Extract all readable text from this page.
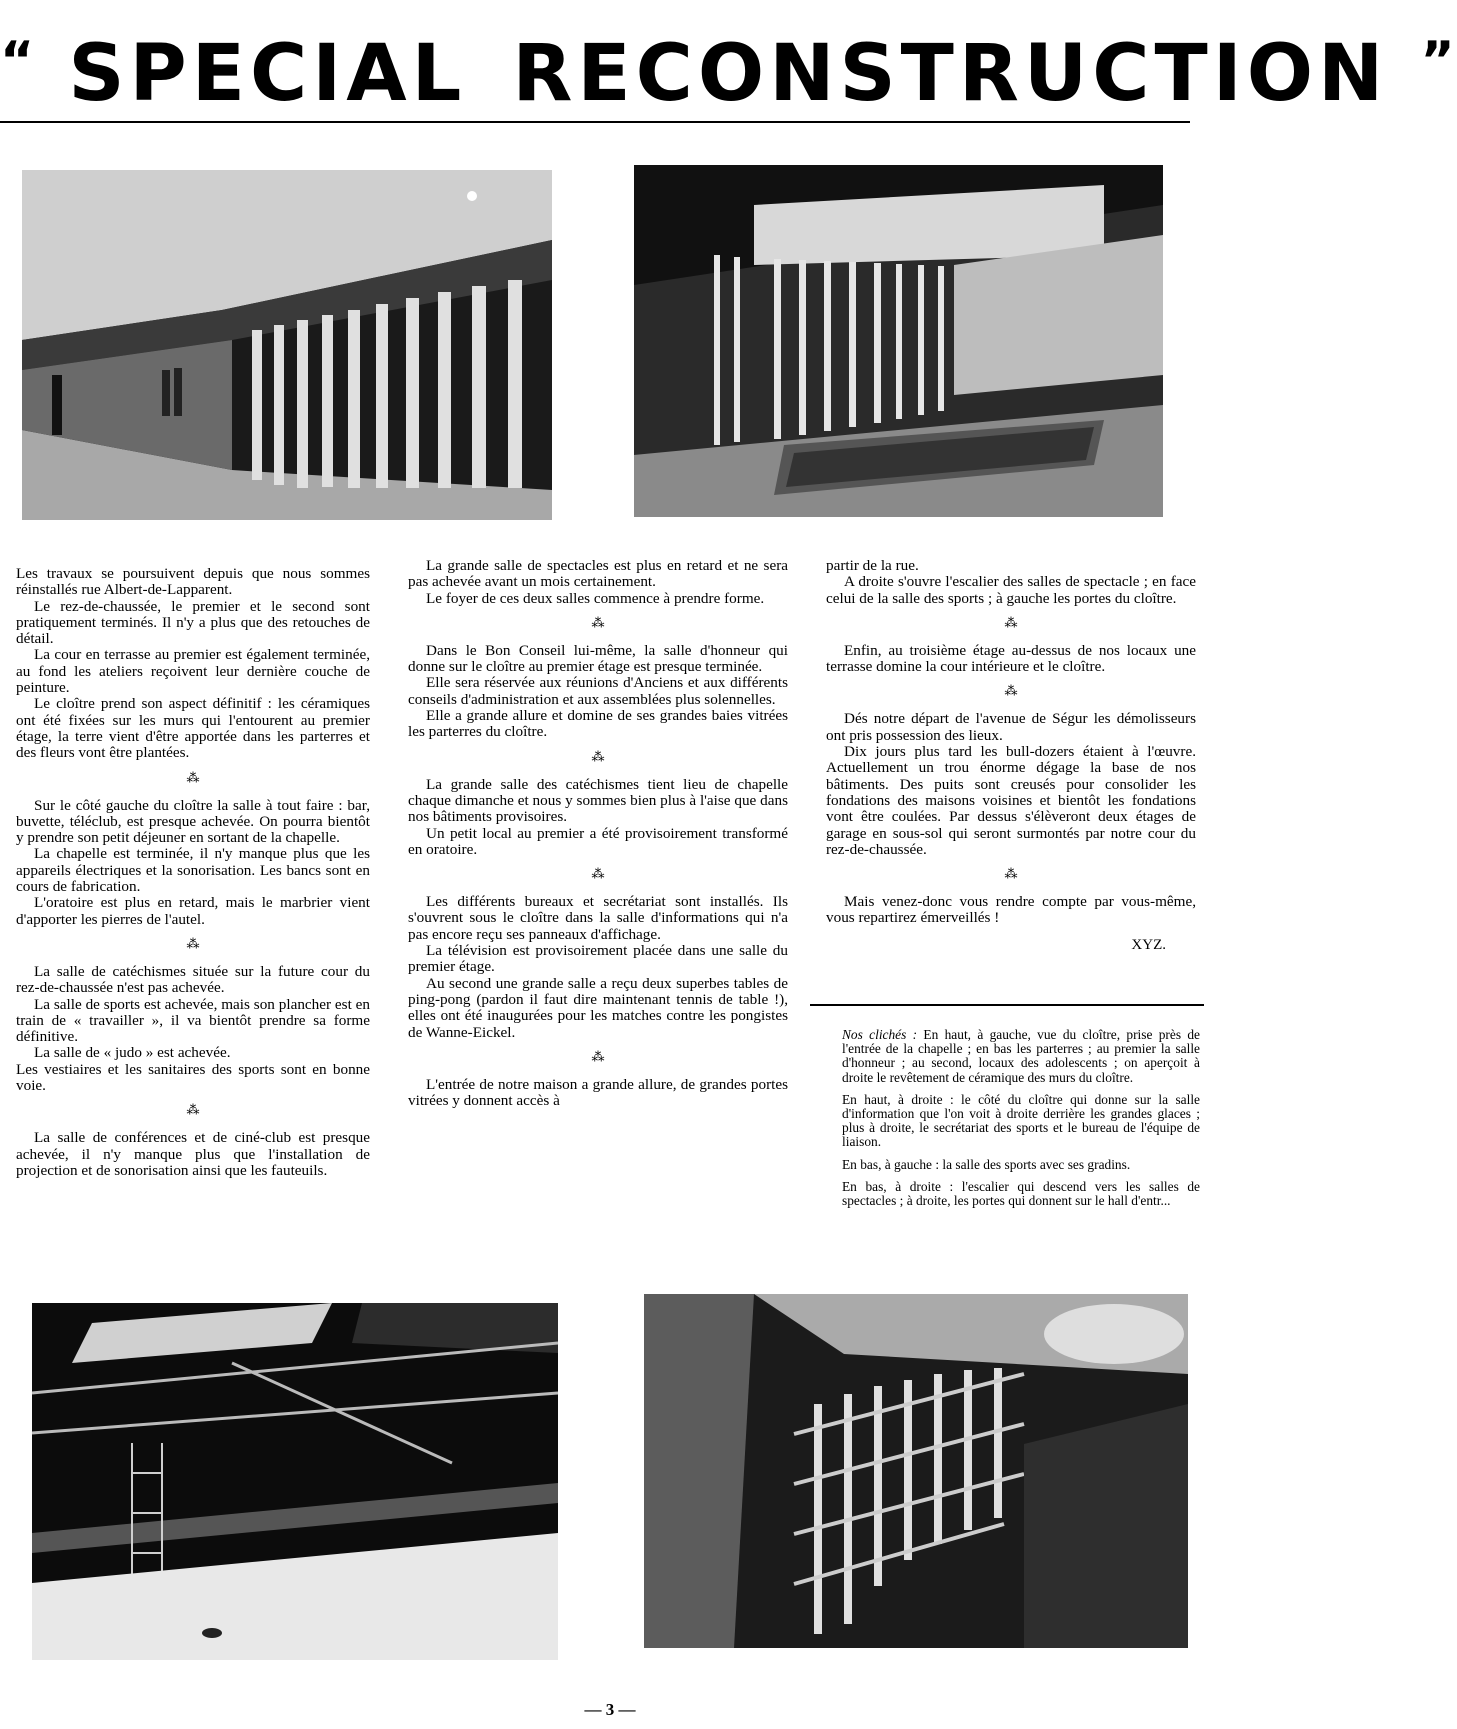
“ SPECIAL RECONSTRUCTION ”

Les travaux se poursuivent depuis que nous sommes réinstallés rue Albert-de-Lapparent.

Le rez-de-chaussée, le premier et le second sont pratiquement terminés. Il n'y a plus que des retouches de détail.

La cour en terrasse au premier est également terminée, au fond les ateliers reçoivent leur dernière couche de peinture.

Le cloître prend son aspect définitif : les céramiques ont été fixées sur les murs qui l'entourent au premier étage, la terre vient d'être apportée dans les parterres et des fleurs vont être plantées.

⁂

Sur le côté gauche du cloître la salle à tout faire : bar, buvette, téléclub, est presque achevée. On pourra bientôt y prendre son petit déjeuner en sortant de la chapelle.

La chapelle est terminée, il n'y manque plus que les appareils électriques et la sonorisation. Les bancs sont en cours de fabrication.

L'oratoire est plus en retard, mais le marbrier vient d'apporter les pierres de l'autel.

⁂

La salle de catéchismes située sur la future cour du rez-de-chaussée n'est pas achevée.

La salle de sports est achevée, mais son plancher est en train de « travailler », il va bientôt prendre sa forme définitive.

La salle de « judo » est achevée.

Les vestiaires et les sanitaires des sports sont en bonne voie.

⁂

La salle de conférences et de ciné-club est presque achevée, il n'y manque plus que l'installation de projection et de sonorisation ainsi que les fauteuils.

La grande salle de spectacles est plus en retard et ne sera pas achevée avant un mois certainement.

Le foyer de ces deux salles commence à prendre forme.

⁂

Dans le Bon Conseil lui-même, la salle d'honneur qui donne sur le cloître au premier étage est presque terminée.

Elle sera réservée aux réunions d'Anciens et aux différents conseils d'administration et aux assemblées plus solennelles.

Elle a grande allure et domine de ses grandes baies vitrées les parterres du cloître.

⁂

La grande salle des catéchismes tient lieu de chapelle chaque dimanche et nous y sommes bien plus à l'aise que dans nos bâtiments provisoires.

Un petit local au premier a été provisoirement transformé en oratoire.

⁂

Les différents bureaux et secrétariat sont installés. Ils s'ouvrent sous le cloître dans la salle d'informations qui n'a pas encore reçu ses panneaux d'affichage.

La télévision est provisoirement placée dans une salle du premier étage.

Au second une grande salle a reçu deux superbes tables de ping-pong (pardon il faut dire maintenant tennis de table !), elles ont été inaugurées pour les matches contre les pongistes de Wanne-Eickel.

⁂

L'entrée de notre maison a grande allure, de grandes portes vitrées y donnent accès à

partir de la rue.

A droite s'ouvre l'escalier des salles de spectacle ; en face celui de la salle des sports ; à gauche les portes du cloître.

⁂

Enfin, au troisième étage au-dessus de nos locaux une terrasse domine la cour intérieure et le cloître.

⁂

Dés notre départ de l'avenue de Ségur les démolisseurs ont pris possession des lieux.

Dix jours plus tard les bull-dozers étaient à l'œuvre. Actuellement un trou énorme dégage la base de nos bâtiments. Des puits sont creusés pour consolider les fondations des maisons voisines et bientôt les fondations vont être coulées. Par dessus s'élèveront deux étages de garage en sous-sol qui seront surmontés par notre cour du rez-de-chaussée.

⁂

Mais venez-donc vous rendre compte par vous-même, vous repartirez émerveillés !

XYZ.

Nos clichés : En haut, à gauche, vue du cloître, prise près de l'entrée de la chapelle ; en bas les parterres ; au premier la salle d'honneur ; au second, locaux des adolescents ; on aperçoit à droite le revêtement de céramique des murs du cloître.

En haut, à droite : le côté du cloître qui donne sur la salle d'information que l'on voit à droite derrière les grandes glaces ; plus à droite, le secrétariat des sports et le bureau de l'équipe de liaison.

En bas, à gauche : la salle des sports avec ses gradins.

En bas, à droite : l'escalier qui descend vers les salles de spectacles ; à droite, les portes qui donnent sur le hall d'entr...

— 3 —
